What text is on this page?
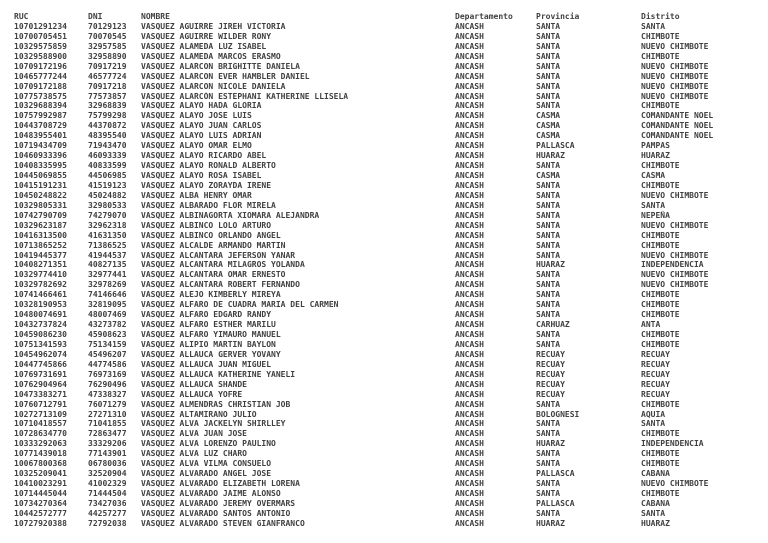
RUC	DNI	NOMBRE	Departamento	Provincia	Distrito
10701291234	70129123	VASQUEZ AGUIRRE JIREH VICTORIA	ANCASH	SANTA	SANTA
10700705451	70070545	VASQUEZ AGUIRRE WILDER RONY	ANCASH	SANTA	CHIMBOTE
10329575859	32957585	VASQUEZ ALAMEDA LUZ ISABEL	ANCASH	SANTA	NUEVO CHIMBOTE
10329588900	32958890	VASQUEZ ALAMEDA MARCOS ERASMO	ANCASH	SANTA	CHIMBOTE
10709172196	70917219	VASQUEZ ALARCON BRIGHITTE DANIELA	ANCASH	SANTA	NUEVO CHIMBOTE
10465777244	46577724	VASQUEZ ALARCON EVER HAMBLER DANIEL	ANCASH	SANTA	NUEVO CHIMBOTE
10709172188	70917218	VASQUEZ ALARCON NICOLE DANIELA	ANCASH	SANTA	NUEVO CHIMBOTE
10775738575	77573857	VASQUEZ ALARCÓN ESTEPHANI KATHERINE LLISELA	ANCASH	SANTA	NUEVO CHIMBOTE
10329688394	32968839	VASQUEZ ALAYO HADA GLORIA	ANCASH	SANTA	CHIMBOTE
10757992987	75799298	VASQUEZ ALAYO JOSE LUIS	ANCASH	CASMA	COMANDANTE NOEL
10443708729	44370872	VASQUEZ ALAYO JUAN CARLOS	ANCASH	CASMA	COMANDANTE NOEL
10483955401	48395540	VASQUEZ ALAYO LUIS ADRIAN	ANCASH	CASMA	COMANDANTE NOEL
10719434709	71943470	VASQUEZ ALAYO OMAR ELMO	ANCASH	PALLASCA	PAMPAS
10460933396	46093339	VASQUEZ ALAYO RICARDO ABEL	ANCASH	HUARAZ	HUARAZ
10408335995	40833599	VASQUEZ ALAYO RONALD ALBERTO	ANCASH	SANTA	CHIMBOTE
10445069855	44506985	VASQUEZ ALAYO ROSA ISABEL	ANCASH	CASMA	CASMA
10415191231	41519123	VASQUEZ ALAYO ZORAYDA IRENE	ANCASH	SANTA	CHIMBOTE
10450248822	45024882	VASQUEZ ALBA HENRY OMAR	ANCASH	SANTA	NUEVO CHIMBOTE
10329805331	32980533	VASQUEZ ALBARADO FLOR MIRELA	ANCASH	SANTA	SANTA
10742790709	74279070	VASQUEZ ALBINAGORTA XIOMARA ALEJANDRA	ANCASH	SANTA	NEPEÑA
10329623187	32962318	VASQUEZ ALBINCO LOLO ARTURO	ANCASH	SANTA	NUEVO CHIMBOTE
10416313500	41631350	VASQUEZ ALBINCO ORLANDO ANGEL	ANCASH	SANTA	CHIMBOTE
10713865252	71386525	VASQUEZ ALCALDE ARMANDO MARTIN	ANCASH	SANTA	CHIMBOTE
10419445377	41944537	VASQUEZ ALCANTARA JEFERSON YANAR	ANCASH	SANTA	NUEVO CHIMBOTE
10408271351	40827135	VASQUEZ ALCANTARA MILAGROS YOLANDA	ANCASH	HUARAZ	INDEPENDENCIA
10329774410	32977441	VASQUEZ ALCANTARA OMAR ERNESTO	ANCASH	SANTA	NUEVO CHIMBOTE
10329782692	32978269	VASQUEZ ALCANTARA ROBERT FERNANDO	ANCASH	SANTA	NUEVO CHIMBOTE
10741466461	74146646	VASQUEZ ALEJO KIMBERLY MIREYA	ANCASH	SANTA	CHIMBOTE
10328190953	32819095	VASQUEZ ALFARO DE CUADRA MARIA DEL CARMEN	ANCASH	SANTA	CHIMBOTE
10480074691	48007469	VASQUEZ ALFARO EDGARD RANDY	ANCASH	SANTA	CHIMBOTE
10432737824	43273782	VASQUEZ ALFARO ESTHER MARILU	ANCASH	CARHUAZ	ANTA
10459086230	45908623	VASQUEZ ALFARO YIMAURO MANUEL	ANCASH	SANTA	CHIMBOTE
10751341593	75134159	VASQUEZ ALIPIO MARTIN BAYLON	ANCASH	SANTA	CHIMBOTE
10454962074	45496207	VASQUEZ ALLAUCA GERVER YOVANY	ANCASH	RECUAY	RECUAY
10447745866	44774586	VASQUEZ ALLAUCA JUAN MIGUEL	ANCASH	RECUAY	RECUAY
10769731691	76973169	VASQUEZ ALLAUCA KATHERINE YANELI	ANCASH	RECUAY	RECUAY
10762904964	76290496	VASQUEZ ALLAUCA SHANDE	ANCASH	RECUAY	RECUAY
10473383271	47338327	VASQUEZ ALLAUCA YOFRE	ANCASH	RECUAY	RECUAY
10760712791	76071279	VASQUEZ ALMENDRAS CHRISTIAN JOB	ANCASH	SANTA	CHIMBOTE
10272713109	27271310	VASQUEZ ALTAMIRANO JULIO	ANCASH	BOLOGNESI	AQUIA
10710418557	71041855	VASQUEZ ALVA JACKELYN SHIRLLEY	ANCASH	SANTA	SANTA
10728634770	72863477	VASQUEZ ALVA JUAN JOSE	ANCASH	SANTA	CHIMBOTE
10333292063	33329206	VASQUEZ ALVA LORENZO PAULINO	ANCASH	HUARAZ	INDEPENDENCIA
10771439018	77143901	VASQUEZ ALVA LUZ CHARO	ANCASH	SANTA	CHIMBOTE
10067800368	06780036	VASQUEZ ALVA VILMA CONSUELO	ANCASH	SANTA	CHIMBOTE
10325209041	32520904	VASQUEZ ALVARADO ANGEL JOSE	ANCASH	PALLASCA	CABANA
10410023291	41002329	VASQUEZ ALVARADO ELIZABETH LORENA	ANCASH	SANTA	NUEVO CHIMBOTE
10714445044	71444504	VASQUEZ ALVARADO JAIME ALONSO	ANCASH	SANTA	CHIMBOTE
10734270364	73427036	VASQUEZ ALVARADO JEREMY OVERMARS	ANCASH	PALLASCA	CABANA
10442572777	44257277	VASQUEZ ALVARADO SANTOS ANTONIO	ANCASH	SANTA	SANTA
10727920388	72792038	VASQUEZ ALVARADO STEVEN GIANFRANCO	ANCASH	HUARAZ	HUARAZ
